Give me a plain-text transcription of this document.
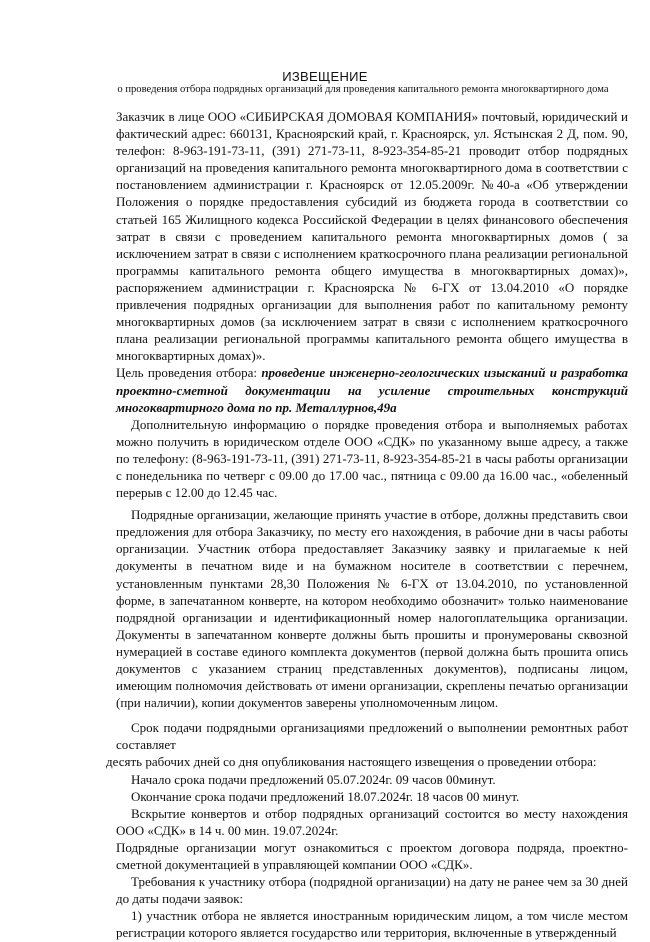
ИЗВЕЩЕНИЕ
о проведения отбора подрядных организаций для проведения капитального ремонта многоквартирного дома

Заказчик в лице ООО «СИБИРСКАЯ ДОМОВАЯ КОМПАНИЯ» почтовый, юридический и фактический адрес: 660131, Красноярский край, г. Красноярск, ул. Ястынская 2 Д, пом. 90, телефон: 8-963-191-73-11, (391) 271-73-11, 8-923-354-85-21 проводит отбор подрядных организаций на проведения капитального ремонта многоквартирного дома в соответствии с постановлением администрации г. Красноярск от 12.05.2009г. №40-а «Об утверждении Положения о порядке предоставления субсидий из бюджета города в соответствии со статьей 165 Жилищного кодекса Российской Федерации в целях финансового обеспечения затрат в связи с проведением капитального ремонта многоквартирных домов ( за исключением затрат в связи с исполнением краткосрочного плана реализации региональной программы капитального ремонта общего имущества в многоквартирных домах)», распоряжением администрации г. Красноярска № 6-ГХ от 13.04.2010 «О порядке привлечения подрядных организации для выполнения работ по капитальному ремонту многоквартирных домов (за исключением затрат в связи с исполнением краткосрочного плана реализации региональной программы капитального ремонта общего имущества в многоквартирных домах)».

Цель проведения отбора: проведение инженерно-геологических изысканий и разработка проектно-сметной документации на усиление строительных конструкций многоквартирного дома по пр. Металлурнов,49а

Дополнительную информацию о порядке проведения отбора и выполняемых работах можно получить в юридическом отделе ООО «СДК» по указанному выше адресу, а также по телефону: (8-963-191-73-11, (391) 271-73-11, 8-923-354-85-21 в часы работы организации с понедельника по четверг с 09.00 до 17.00 час., пятница с 09.00 да 16.00 час., «обеленный перерыв с 12.00 до 12.45 час.

Подрядные организации, желающие принять участие в отборе, должны представить свои предложения для отбора Заказчику, по месту его нахождения, в рабочие дни в часы работы организации. Участник отбора предоставляет Заказчику заявку и прилагаемые к ней документы в печатном виде и на бумажном носителе в соответствии с перечнем, установленным пунктами 28,30 Положения № 6-ГХ от 13.04.2010, по установленной форме, в запечатанном конверте, на котором необходимо обозначит» только наименование подрядной организации и идентификационный номер налогоплательщика организации. Документы в запечатанном конверте должны быть прошиты и пронумерованы сквозной нумерацией в составе единого комплекта документов (первой должна быть прошита опись документов с указанием страниц представленных документов), подписаны лицом, имеющим полномочия действовать от имени организации, скреплены печатью организации (при наличии), копии документов заверены уполномоченным лицом.

Срок подачи подрядными организациями предложений о выполнении ремонтных работ составляет

десять рабочих дней со дня опубликования настоящего извещения о проведении отбора:

Начало срока подачи предложений 05.07.2024г. 09 часов 00минут.

Окончание срока подачи предложений 18.07.2024г. 18 часов 00 минут.

Вскрытие конвертов и отбор подрядных организаций состоится во месту нахождения ООО «СДК» в 14 ч. 00 мин. 19.07.2024г.

Подрядные организации могут ознакомиться с проектом договора подряда, проектно-сметной документацией в управляющей компании ООО «СДК».

Требования к участнику отбора (подрядной организации) на дату не ранее чем за 30 дней до даты подачи заявок:

1) участник отбора не является иностранным юридическим лицом, а том числе местом регистрации которого является государство или территория, включенные в утвержденный
